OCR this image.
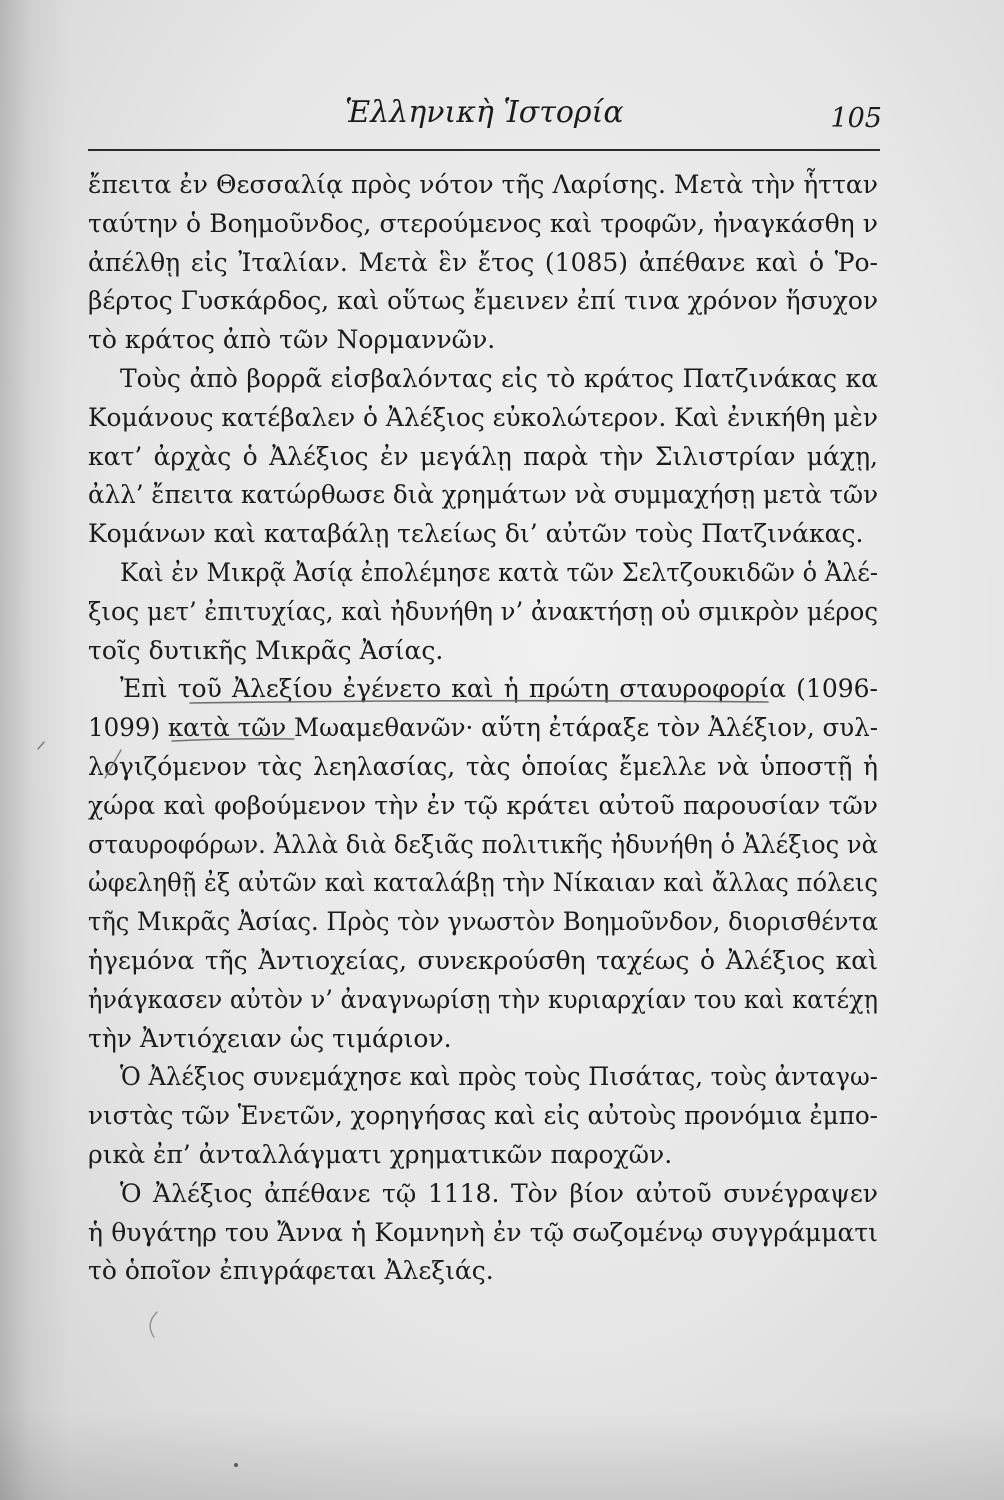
Ἑλληνικὴ Ἱστορία	105
ἔπειτα ἐν Θεσσαλίᾳ πρὸς νότον τῆς Λαρίσης. Μετὰ τὴν ἧτταν
ταύτην ὁ Βοημοῦνδος, στερούμενος καὶ τροφῶν, ἠναγκάσθη ν
ἀπέλθῃ εἰς Ἰταλίαν. Μετὰ ἓν ἔτος (1085) ἀπέθανε καὶ ὁ Ῥο-
βέρτος Γυσκάρδος, καὶ οὕτως ἔμεινεν ἐπί τινα χρόνον ἥσυχον
τὸ κράτος ἀπὸ τῶν Νορμαννῶν.
Τοὺς ἀπὸ βορρᾶ εἰσβαλόντας εἰς τὸ κράτος Πατζινάκας κα
Κομάνους κατέβαλεν ὁ Ἀλέξιος εὐκολώτερον. Καὶ ἐνικήθη μὲν
κατ’ ἀρχὰς ὁ Ἀλέξιος ἐν μεγάλῃ παρὰ τὴν Σιλιστρίαν μάχῃ,
ἀλλ’ ἔπειτα κατώρθωσε διὰ χρημάτων νὰ συμμαχήσῃ μετὰ τῶν
Κομάνων καὶ καταβάλῃ τελείως δι’ αὐτῶν τοὺς Πατζινάκας.
Καὶ ἐν Μικρᾷ Ἀσίᾳ ἐπολέμησε κατὰ τῶν Σελτζουκιδῶν ὁ Ἀλέ-
ξιος μετ’ ἐπιτυχίας, καὶ ἠδυνήθη ν’ ἀνακτήσῃ οὐ σμικρὸν μέρος
τοῖς δυτικῆς Μικρᾶς Ἀσίας.
Ἐπὶ τοῦ Ἀλεξίου ἐγένετο καὶ ἡ πρώτη σταυροφορία (1096-
1099) κατὰ τῶν Μωαμεθανῶν· αὕτη ἐτάραξε τὸν Ἀλέξιον, συλ-
λογιζόμενον τὰς λεηλασίας, τὰς ὁποίας ἔμελλε νὰ ὑποστῇ ἡ
χώρα καὶ φοβούμενον τὴν ἐν τῷ κράτει αὐτοῦ παρουσίαν τῶν
σταυροφόρων. Ἀλλὰ διὰ δεξιᾶς πολιτικῆς ἠδυνήθη ὁ Ἀλέξιος νὰ
ὠφεληθῇ ἐξ αὐτῶν καὶ καταλάβῃ τὴν Νίκαιαν καὶ ἄλλας πόλεις
τῆς Μικρᾶς Ἀσίας. Πρὸς τὸν γνωστὸν Βοημοῦνδον, διορισθέντα
ἡγεμόνα τῆς Ἀντιοχείας, συνεκρούσθη ταχέως ὁ Ἀλέξιος καὶ
ἠνάγκασεν αὐτὸν ν’ ἀναγνωρίσῃ τὴν κυριαρχίαν του καὶ κατέχῃ
τὴν Ἀντιόχειαν ὡς τιμάριον.
Ὁ Ἀλέξιος συνεμάχησε καὶ πρὸς τοὺς Πισάτας, τοὺς ἀνταγω-
νιστὰς τῶν Ἑνετῶν, χορηγήσας καὶ εἰς αὐτοὺς προνόμια ἐμπο-
ρικὰ ἐπ’ ἀνταλλάγματι χρηματικῶν παροχῶν.
Ὁ Ἀλέξιος ἀπέθανε τῷ 1118. Τὸν βίον αὐτοῦ συνέγραψεν
ἡ θυγάτηρ του Ἄννα ἡ Κομνηνὴ ἐν τῷ σωζομένῳ συγγράμματι
τὸ ὁποῖον ἐπιγράφεται Ἀλεξιάς.
